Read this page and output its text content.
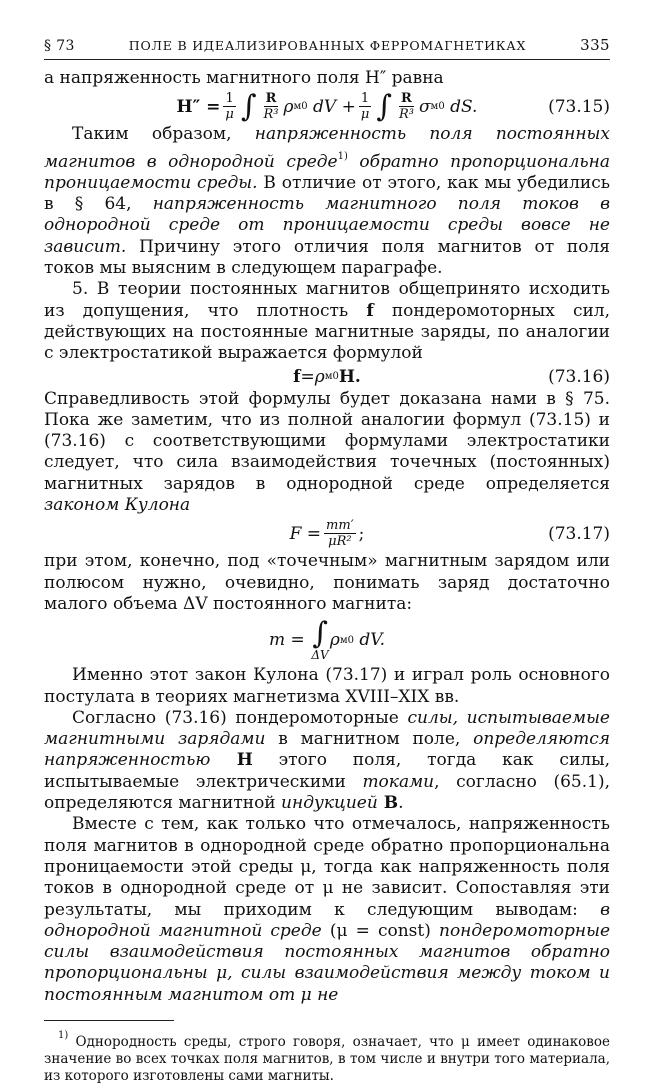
§ 73	ПОЛЕ В ИДЕАЛИЗИРОВАННЫХ ФЕРРОМАГНЕТИКАХ	335

а напряженность магнитного поля H″ равна

$H'' = \frac{1}{\mu}$ ∫ $\frac{R}{\text{R³}}$ ρ м 0
dV + $\frac{1}{\mu}$ ∫ $\frac{R}{\text{R³}}$ σ м 0
dS.	(73.15)

Таким образом, напряженность поля постоянных магнитов в однородной среде$^{1)}$ обратно пропорциональна проницаемости среды. В отличие от этого, как мы убедились в § 64, напряженность магнитного поля токов в однородной среде от проницаемости среды вовсе не зависит. Причину этого отличия поля магнитов от поля токов мы выясним в следующем параграфе.

5. В теории постоянных магнитов общепринято исходить из допущения, что плотность f пондеромоторных сил, действующих на постоянные магнитные заряды, по аналогии с электростатикой выражается формулой

f = ρ м 0 H.	(73.16)

Справедливость этой формулы будет доказана нами в § 75. Пока же заметим, что из полной аналогии формул (73.15) и (73.16) с соответствующими формулами электростатики следует, что сила взаимодействия точечных (постоянных) магнитных зарядов в однородной среде определяется законом Кулона

$F = \frac{mm'}{\text{μR²}}$ ;	(73.17)

при этом, конечно, под «точечным» магнитным зарядом или полюсом нужно, очевидно, понимать заряд достаточно малого объема ΔV постоянного магнита:

m =
∫
ΔV
ρ м 0
dV.

Именно этот закон Кулона (73.17) и играл роль основного постулата в теориях магнетизма XVIII–XIX вв.

Согласно (73.16) пондеромоторные силы, испытываемые магнитными зарядами в магнитном поле, определяются напряженностью H этого поля, тогда как силы, испытываемые электрическими токами, согласно (65.1), определяются магнитной индукцией B.

Вместе с тем, как только что отмечалось, напряженность поля магнитов в однородной среде обратно пропорциональна проницаемости этой среды μ, тогда как напряженность поля токов в однородной среде от μ не зависит. Сопоставляя эти результаты, мы приходим к следующим выводам: в однородной магнитной среде (μ = const) пондеромоторные силы взаимодействия постоянных магнитов обратно пропорциональны μ, силы взаимодействия между током и постоянным магнитом от μ не

$^{1)}$ Однородность среды, строго говоря, означает, что μ имеет одинаковое значение во всех точках поля магнитов, в том числе и внутри того материала, из которого изготовлены сами магниты.
